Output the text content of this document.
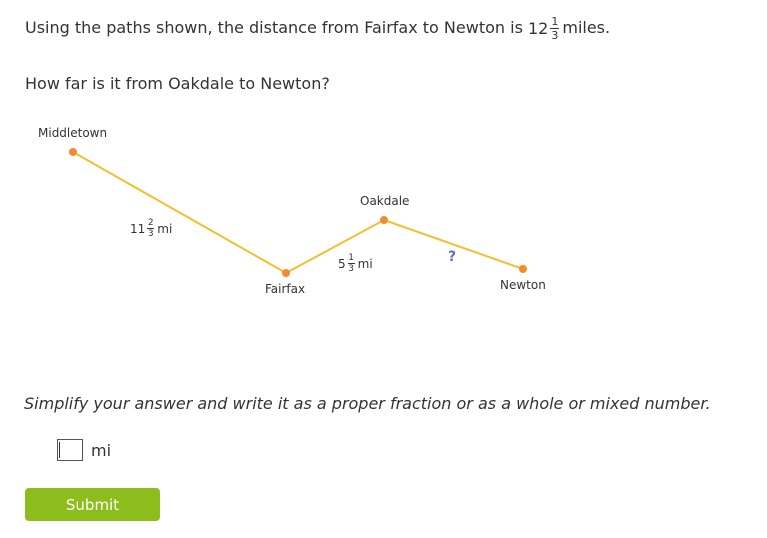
Using the paths shown, the distance from Fairfax to Newton is $12 \frac{1}{3}$ miles.
How far is it from Oakdale to Newton?
Middletown
Fairfax
Oakdale
Newton
$11 \frac{2}{3}$ mi
$5 \frac{1}{3}$ mi	?
Simplify your answer and write it as a proper fraction or as a whole or mixed number.
mi
Submit
